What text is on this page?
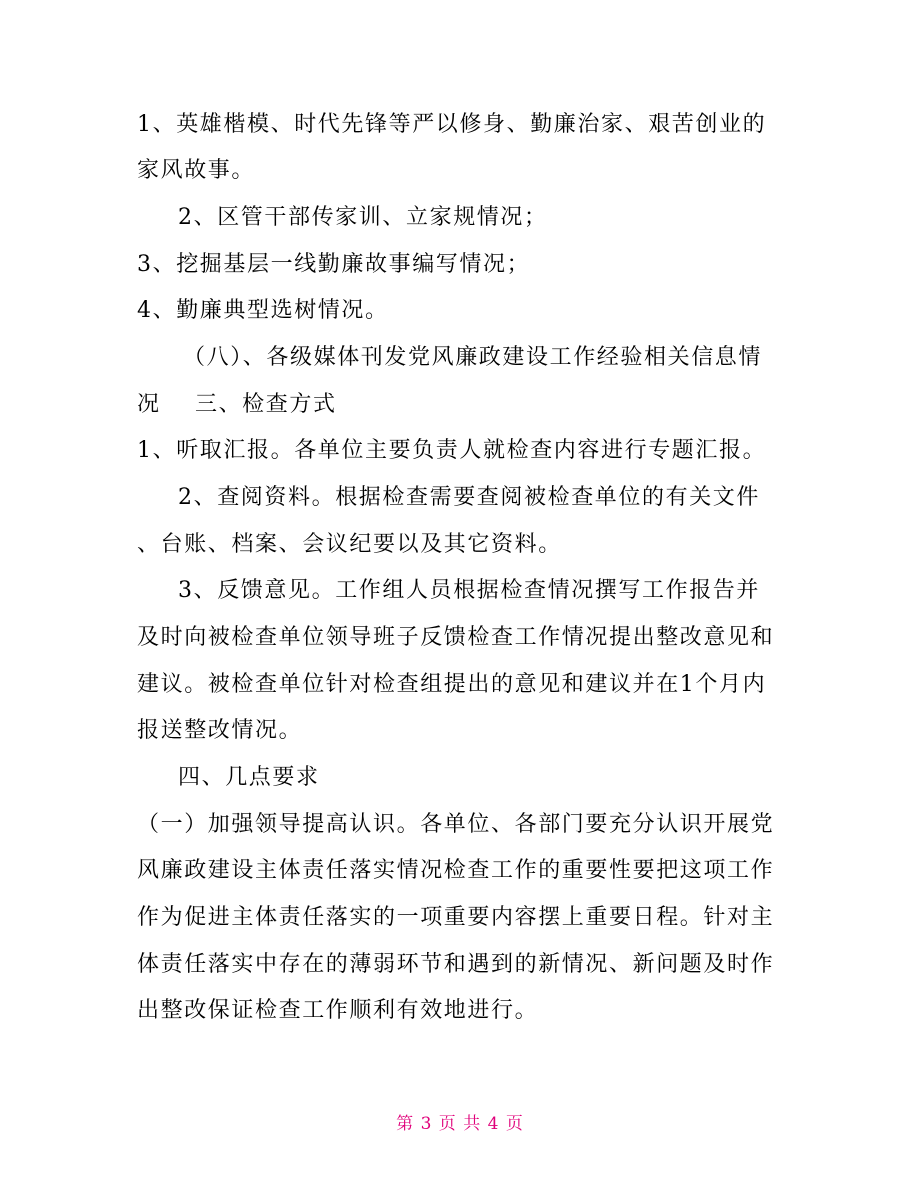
1、英雄楷模、时代先锋等严以修身、勤廉治家、艰苦创业的
家风故事。
2、区管干部传家训、立家规情况；
3、挖掘基层一线勤廉故事编写情况；
4、勤廉典型选树情况。
（八）、各级媒体刊发党风廉政建设工作经验相关信息情
况    三、检查方式
1、听取汇报。各单位主要负责人就检查内容进行专题汇报。
2、查阅资料。根据检查需要查阅被检查单位的有关文件
、台账、档案、会议纪要以及其它资料。
3、反馈意见。工作组人员根据检查情况撰写工作报告并
及时向被检查单位领导班子反馈检查工作情况提出整改意见和
建议。被检查单位针对检查组提出的意见和建议并在1个月内
报送整改情况。
四、几点要求
（一）加强领导提高认识。各单位、各部门要充分认识开展党
风廉政建设主体责任落实情况检查工作的重要性要把这项工作
作为促进主体责任落实的一项重要内容摆上重要日程。针对主
体责任落实中存在的薄弱环节和遇到的新情况、新问题及时作
出整改保证检查工作顺利有效地进行。
第 3 页 共 4 页
